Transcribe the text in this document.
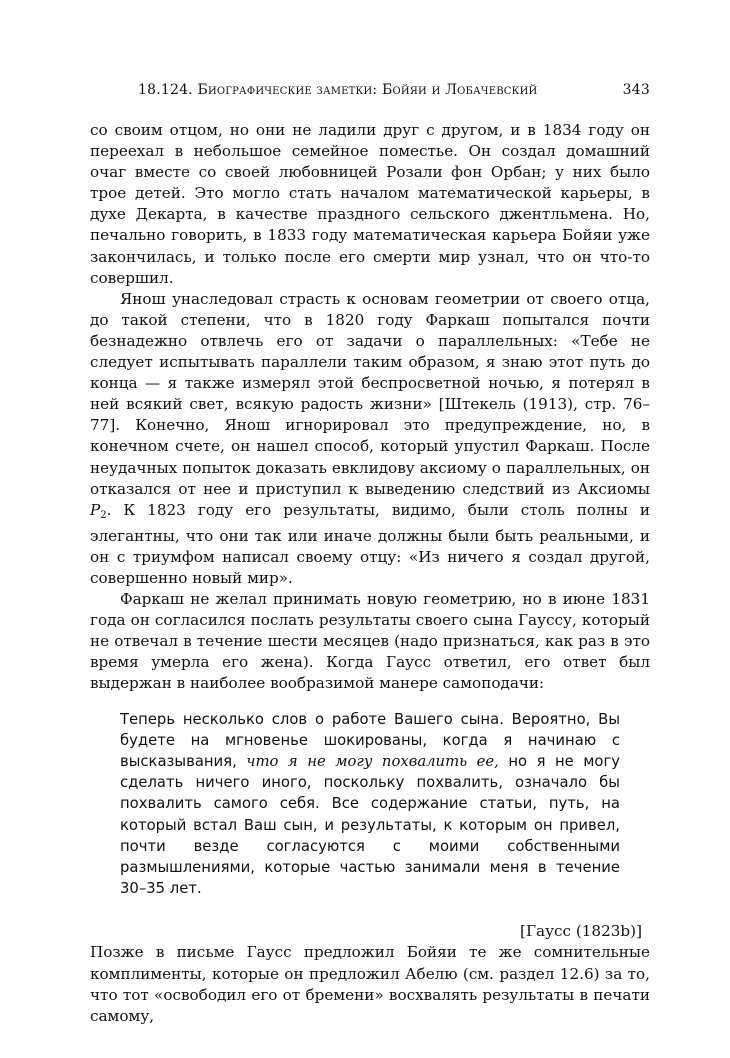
18.124. Биографические заметки: Бойяи и Лобачевский	343

со своим отцом, но они не ладили друг с другом, и в 1834 году он переехал в небольшое семейное поместье. Он создал домашний очаг вместе со своей любовницей Розали фон Орбан; у них было трое детей. Это могло стать началом математической карьеры, в духе Декарта, в качестве праздного сельского джентльмена. Но, печально говорить, в 1833 году математическая карьера Бойяи уже закончилась, и только после его смерти мир узнал, что он что-то совершил.

Янош унаследовал страсть к основам геометрии от своего отца, до такой степени, что в 1820 году Фаркаш попытался почти безнадежно отвлечь его от задачи о параллельных: «Тебе не следует испытывать параллели таким образом, я знаю этот путь до конца — я также измерял этой беспросветной ночью, я потерял в ней всякий свет, всякую радость жизни» [Штекель (1913), стр. 76–77]. Конечно, Янош игнорировал это предупреждение, но, в конечном счете, он нашел способ, который упустил Фаркаш. После неудачных попыток доказать евклидову аксиому о параллельных, он отказался от нее и приступил к выведению следствий из Аксиомы $P_2$. К 1823 году его результаты, видимо, были столь полны и элегантны, что они так или иначе должны были быть реальными, и он с триумфом написал своему отцу: «Из ничего я создал другой, совершенно новый мир».

Фаркаш не желал принимать новую геометрию, но в июне 1831 года он согласился послать результаты своего сына Гауссу, который не отвечал в течение шести месяцев (надо признаться, как раз в это время умерла его жена). Когда Гаусс ответил, его ответ был выдержан в наиболее вообразимой манере самоподачи:

Теперь несколько слов о работе Вашего сына. Вероятно, Вы будете на мгновенье шокированы, когда я начинаю с высказывания, что я не могу похвалить ее, но я не могу сделать ничего иного, поскольку похвалить, означало бы похвалить самого себя. Все содержание статьи, путь, на который встал Ваш сын, и результаты, к которым он привел, почти везде согласуются с моими собственными размышлениями, которые частью занимали меня в течение 30–35 лет.
[Гаусс (1823b)]

Позже в письме Гаусс предложил Бойяи те же сомнительные комплименты, которые он предложил Абелю (см. раздел 12.6) за то, что тот «освободил его от бремени» восхвалять результаты в печати самому,
